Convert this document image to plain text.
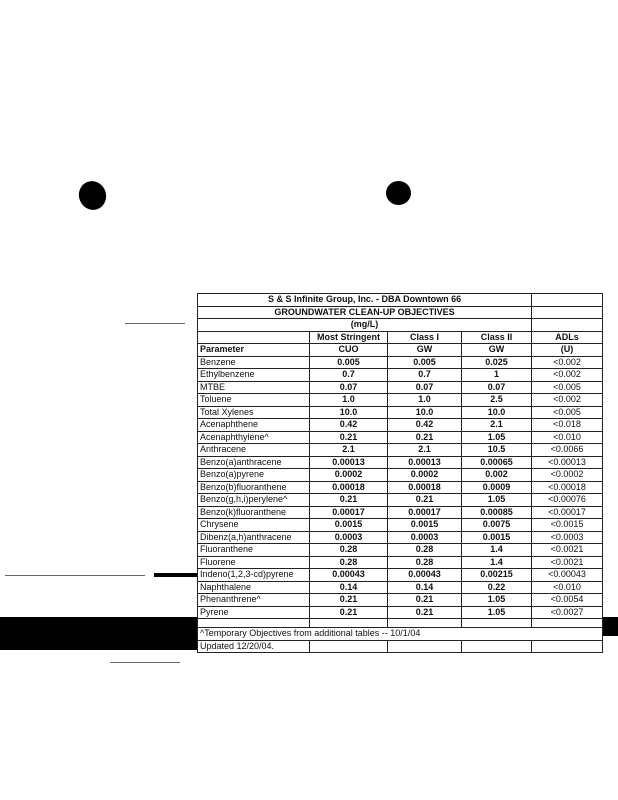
S & S Infinite Group, Inc. - DBA Downtown 66				
GROUNDWATER CLEAN-UP OBJECTIVES				
(mg/L)				
	Most Stringent	Class I	Class II	ADLs
Parameter	CUO	GW	GW	(U)
Benzene	0.005	0.005	0.025	<0.002
Ethylbenzene	0.7	0.7	1	<0.002
MTBE	0.07	0.07	0.07	<0.005
Toluene	1.0	1.0	2.5	<0.002
Total Xylenes	10.0	10.0	10.0	<0.005
Acenaphthene	0.42	0.42	2.1	<0.018
Acenaphthylene^	0.21	0.21	1.05	<0.010
Anthracene	2.1	2.1	10.5	<0.0066
Benzo(a)anthracene	0.00013	0.00013	0.00065	<0.00013
Benzo(a)pyrene	0.0002	0.0002	0.002	<0.0002
Benzo(b)fluoranthene	0.00018	0.00018	0.0009	<0.00018
Benzo(g,h,i)perylene^	0.21	0.21	1.05	<0.00076
Benzo(k)fluoranthene	0.00017	0.00017	0.00085	<0.00017
Chrysene	0.0015	0.0015	0.0075	<0.0015
Dibenz(a,h)anthracene	0.0003	0.0003	0.0015	<0.0003
Fluoranthene	0.28	0.28	1.4	<0.0021
Fluorene	0.28	0.28	1.4	<0.0021
Indeno(1,2,3-cd)pyrene	0.00043	0.00043	0.00215	<0.00043
Naphthalene	0.14	0.14	0.22	<0.010
Phenanthrene^	0.21	0.21	1.05	<0.0054
Pyrene	0.21	0.21	1.05	<0.0027

^Temporary Objectives from additional tables -- 10/1/04				
Updated 12/20/04.				
